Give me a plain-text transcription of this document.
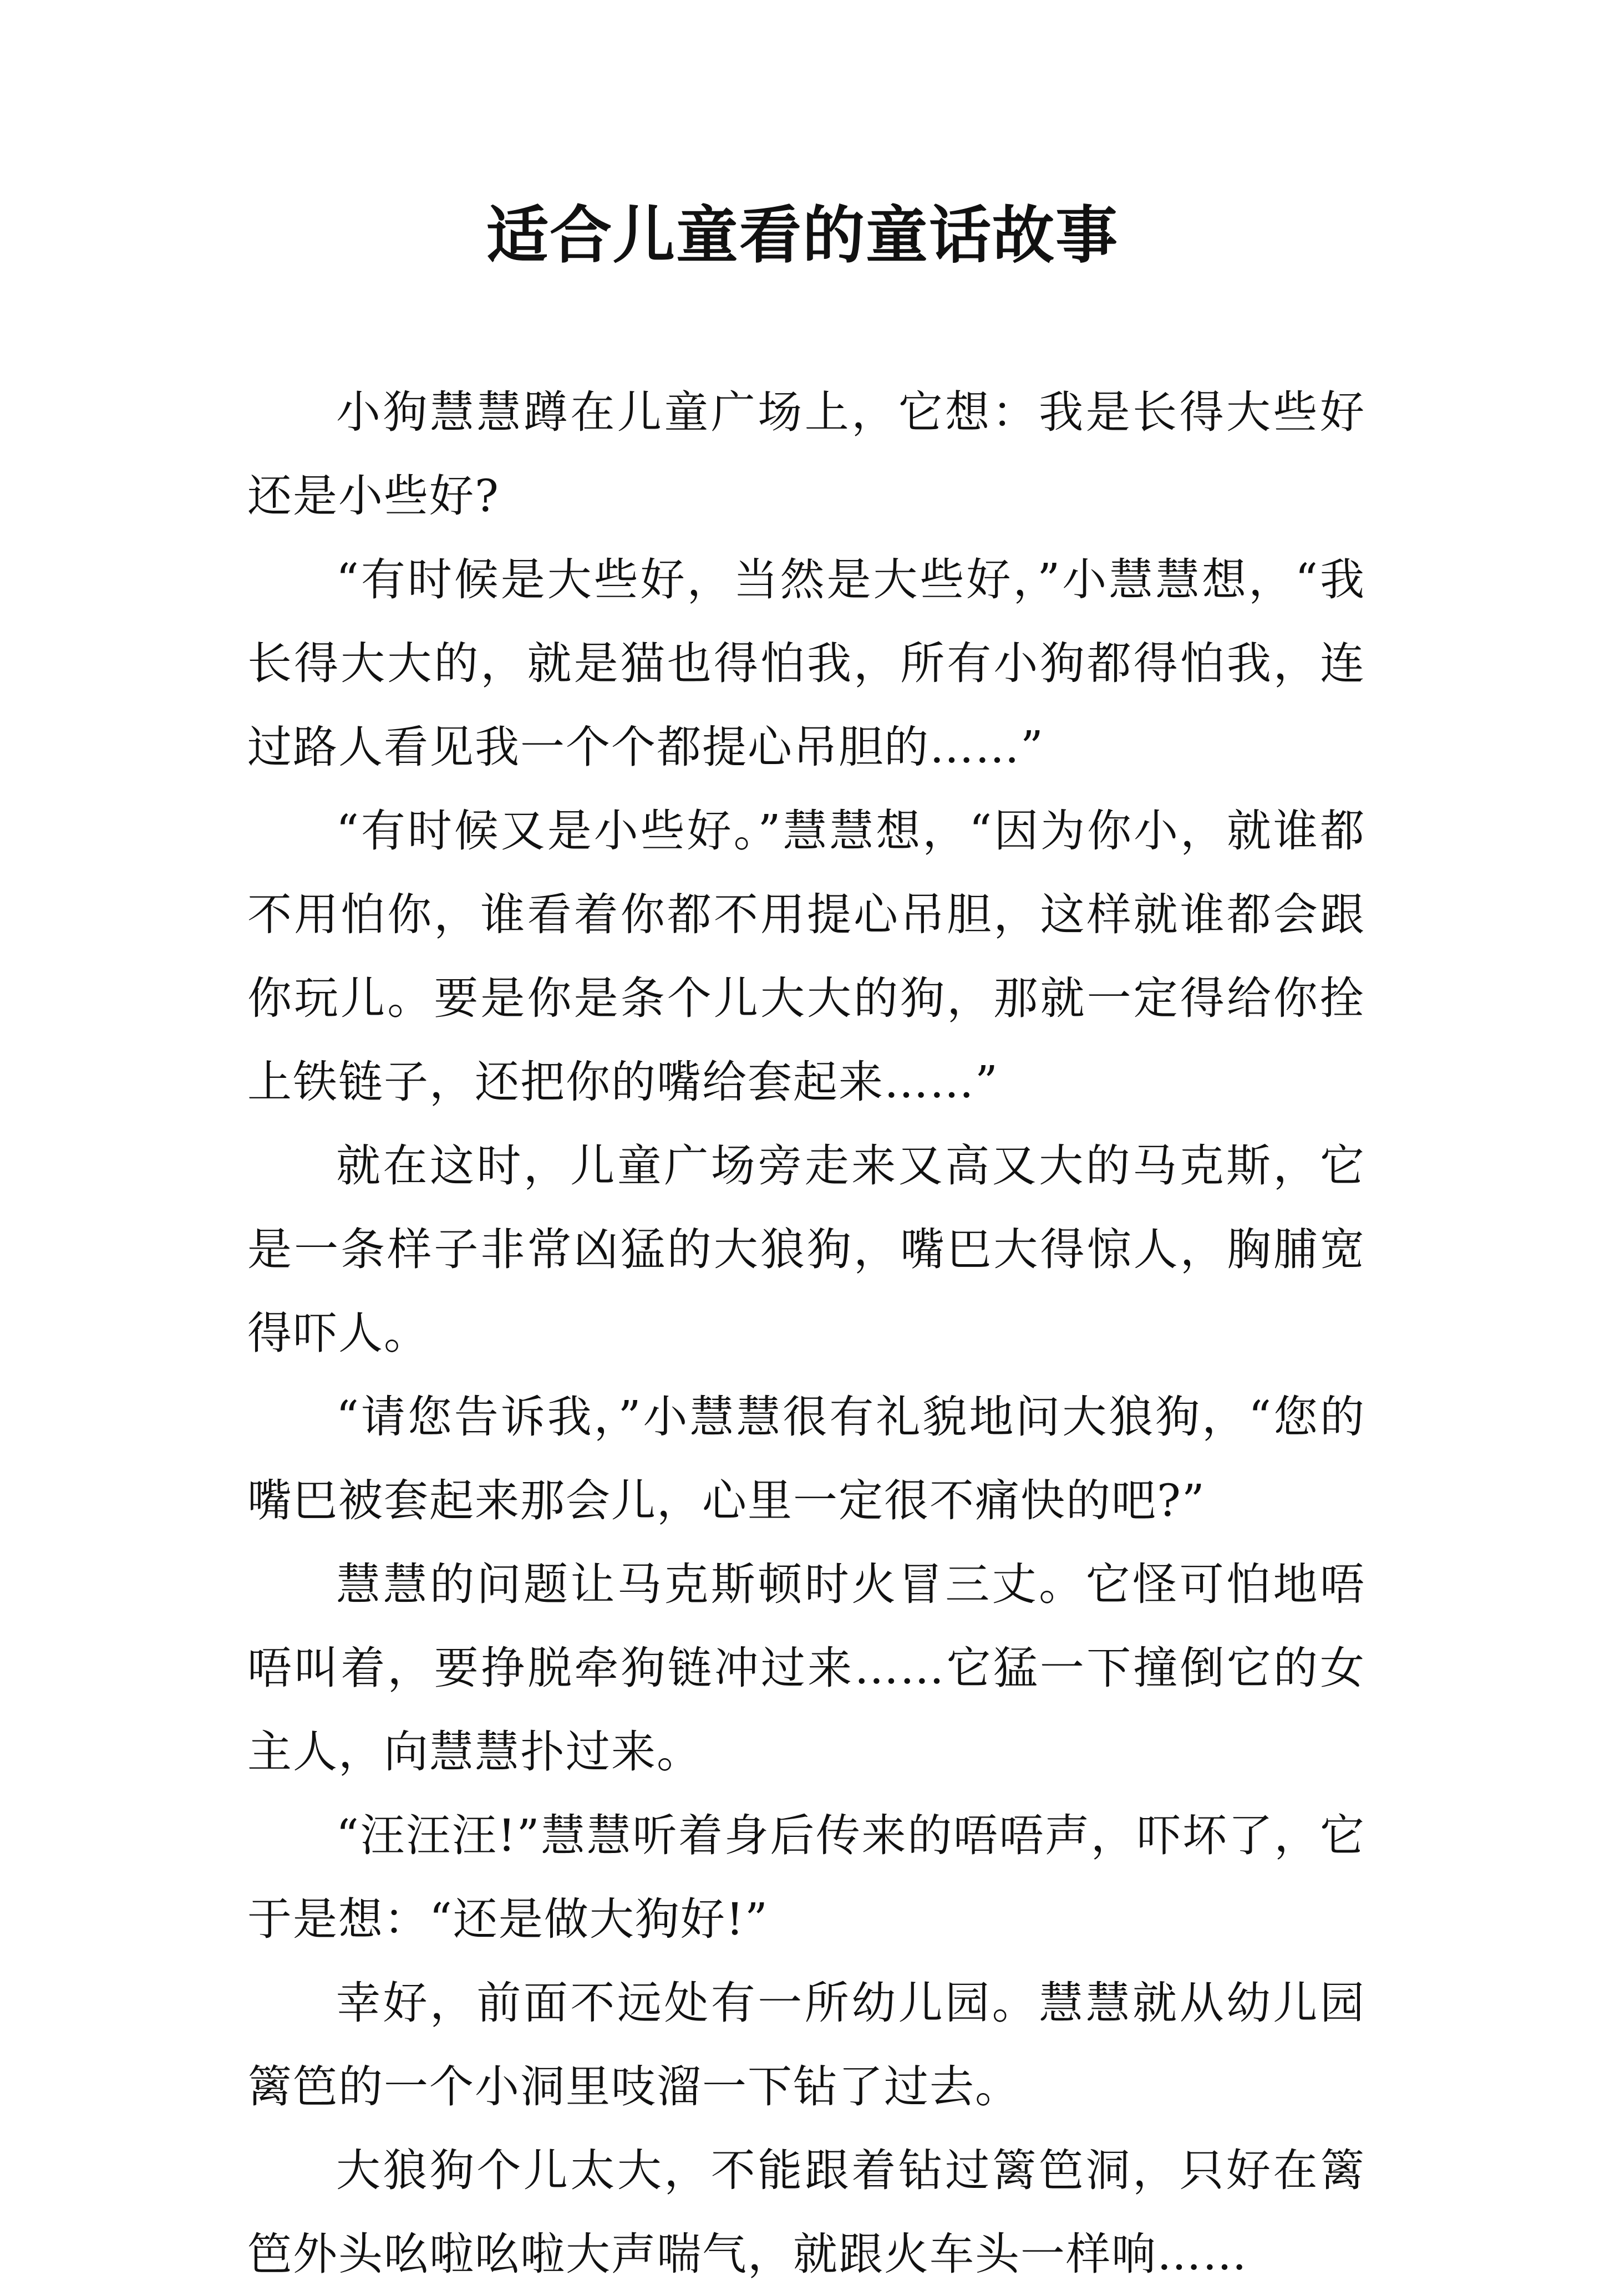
适合儿童看的童话故事

小狗慧慧蹲在儿童广场上，它想：我是长得大些好还是小些好?

“有时候是大些好，当然是大些好，”小慧慧想，“我长得大大的，就是猫也得怕我，所有小狗都得怕我，连过路人看见我一个个都提心吊胆的……”

“有时候又是小些好。”慧慧想，“因为你小，就谁都不用怕你，谁看着你都不用提心吊胆，这样就谁都会跟你玩儿。要是你是条个儿大大的狗，那就一定得给你拴上铁链子，还把你的嘴给套起来……”

就在这时，儿童广场旁走来又高又大的马克斯，它是一条样子非常凶猛的大狼狗，嘴巴大得惊人，胸脯宽得吓人。

“请您告诉我，”小慧慧很有礼貌地问大狼狗，“您的嘴巴被套起来那会儿，心里一定很不痛快的吧?”

慧慧的问题让马克斯顿时火冒三丈。它怪可怕地唔唔叫着，要挣脱牵狗链冲过来……它猛一下撞倒它的女主人，向慧慧扑过来。

“汪汪汪!”慧慧听着身后传来的唔唔声，吓坏了，它于是想：“还是做大狗好!”

幸好，前面不远处有一所幼儿园。慧慧就从幼儿园篱笆的一个小洞里吱溜一下钻了过去。

大狼狗个儿太大，不能跟着钻过篱笆洞，只好在篱笆外头吆啦吆啦大声喘气，就跟火车头一样响……
